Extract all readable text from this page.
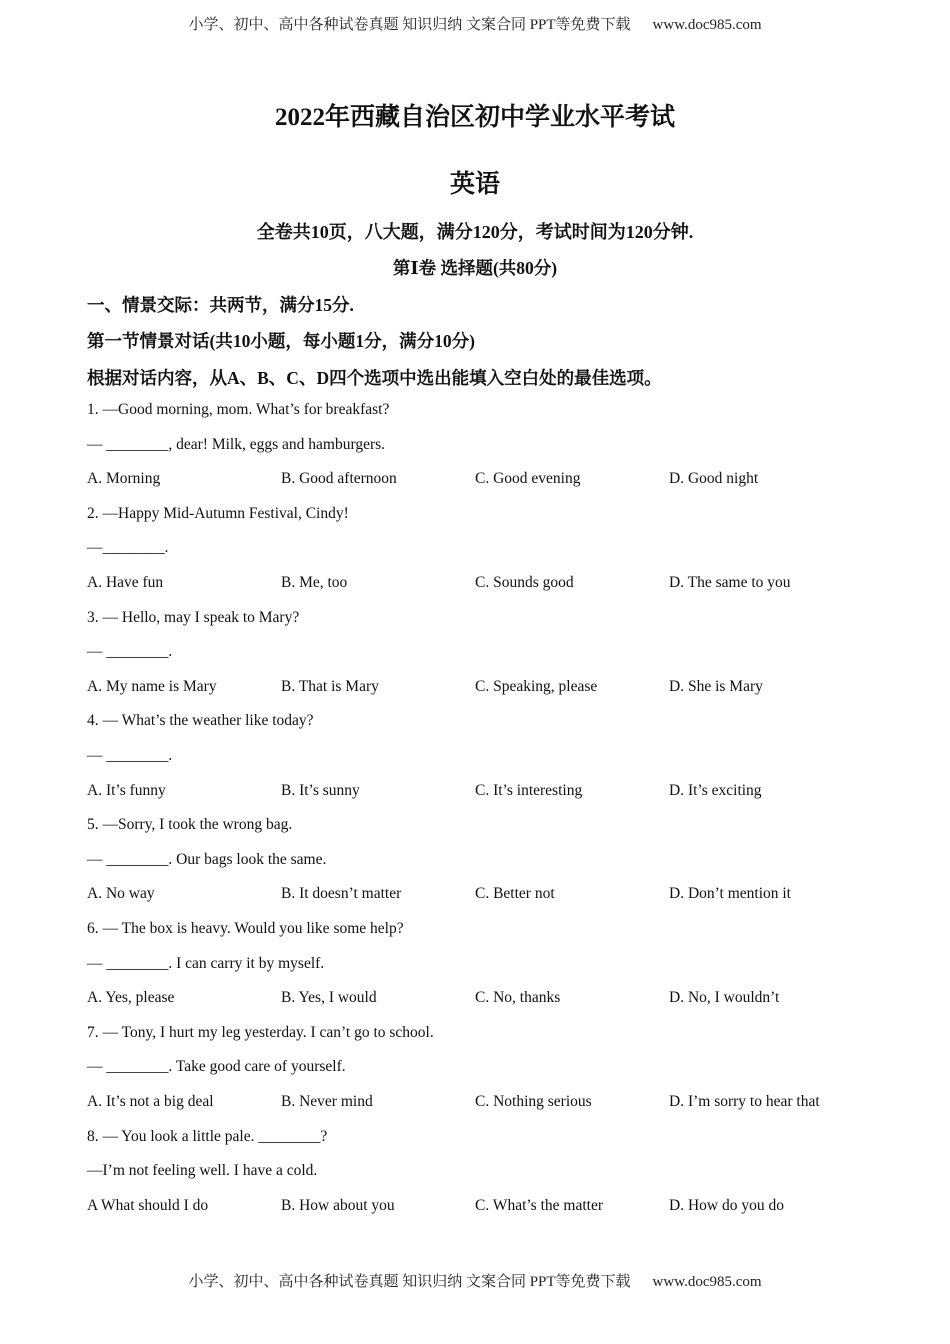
小学、初中、高中各种试卷真题 知识归纳 文案合同 PPT等免费下载 www.doc985.com
2022年西藏自治区初中学业水平考试
英语
全卷共10页，八大题，满分120分，考试时间为120分钟.
第Ⅰ卷 选择题(共80分)
一、情景交际：共两节，满分15分.
第一节情景对话(共10小题，每小题1分，满分10分)
根据对话内容，从A、B、C、D四个选项中选出能填入空白处的最佳选项。
1. —Good morning, mom. What’s for breakfast?
— ________, dear! Milk, eggs and hamburgers.
A. Morning	B. Good afternoon	C. Good evening	D. Good night
2. —Happy Mid-Autumn Festival, Cindy!
—________.
A. Have fun	B. Me, too	C. Sounds good	D. The same to you
3. — Hello, may I speak to Mary?
— ________.
A. My name is Mary	B. That is Mary	C. Speaking, please	D. She is Mary
4. — What’s the weather like today?
— ________.
A. It’s funny	B. It’s sunny	C. It’s interesting	D. It’s exciting
5. —Sorry, I took the wrong bag.
— ________. Our bags look the same.
A. No way	B. It doesn’t matter	C. Better not	D. Don’t mention it
6. — The box is heavy. Would you like some help?
— ________. I can carry it by myself.
A. Yes, please	B. Yes, I would	C. No, thanks	D. No, I wouldn’t
7. — Tony, I hurt my leg yesterday. I can’t go to school.
— ________. Take good care of yourself.
A. It’s not a big deal	B. Never mind	C. Nothing serious	D. I’m sorry to hear that
8. — You look a little pale. ________?
—I’m not feeling well. I have a cold.
A What should I do	B. How about you	C. What’s the matter	D. How do you do
小学、初中、高中各种试卷真题 知识归纳 文案合同 PPT等免费下载 www.doc985.com
